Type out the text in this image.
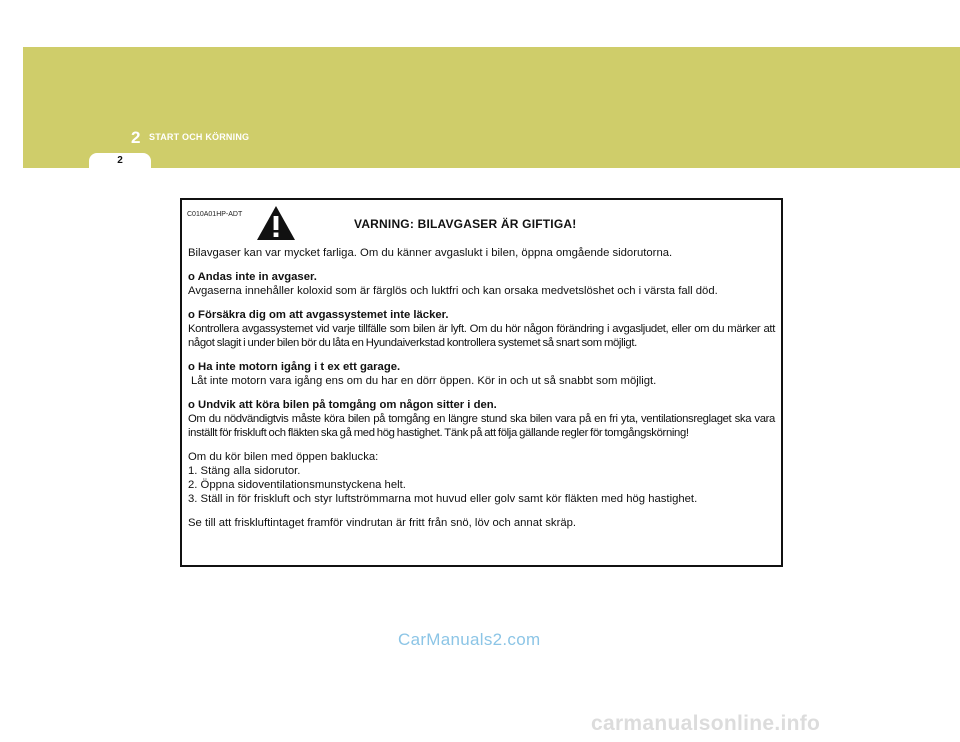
2 START OCH KÖRNING
2
C010A01HP-ADT
VARNING: BILAVGASER ÄR GIFTIGA!

Bilavgaser kan var mycket farliga. Om du känner avgaslukt i bilen, öppna omgående sidorutorna.

o Andas inte in avgaser.

Avgaserna innehåller koloxid som är färglös och luktfri och kan orsaka medvetslöshet och i värsta fall död.

o Försäkra dig om att avgassystemet inte läcker.

Kontrollera avgassystemet vid varje tillfälle som bilen är lyft. Om du hör någon förändring i avgasljudet, eller om du märker att något slagit i under bilen bör du låta en Hyundaiverkstad kontrollera systemet så snart som möjligt.

o Ha inte motorn igång i t ex ett garage.

Låt inte motorn vara igång ens om du har en dörr öppen. Kör in och ut så snabbt som möjligt.

o Undvik att köra bilen på tomgång om någon sitter i den.

Om du nödvändigtvis måste köra bilen på tomgång en längre stund ska bilen vara på en fri yta, ventilationsreglaget ska vara inställt för friskluft och fläkten ska gå med hög hastighet. Tänk på att följa gällande regler för tomgångskörning!

Om du kör bilen med öppen baklucka:

1. Stäng alla sidorutor.

2. Öppna sidoventilationsmunstyckena helt.

3. Ställ in för friskluft och styr luftströmmarna mot huvud eller golv samt kör fläkten med hög hastighet.

Se till att friskluftintaget framför vindrutan är fritt från snö, löv och annat skräp.

CarManuals2.com
carmanualsonline.info
